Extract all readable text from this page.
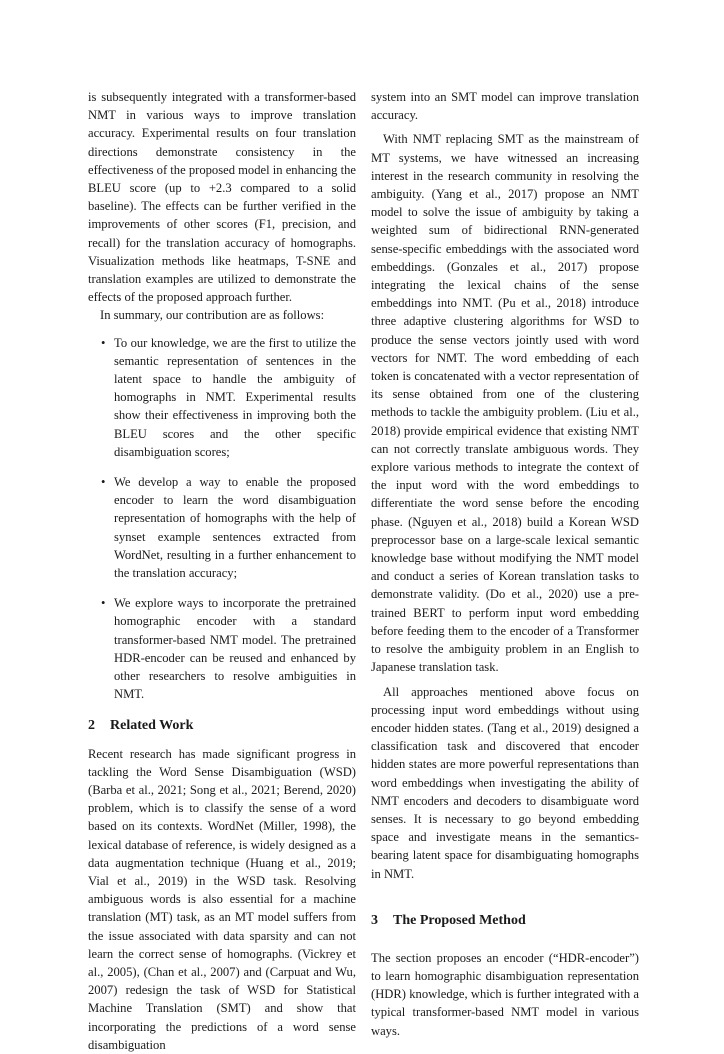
is subsequently integrated with a transformer-based NMT in various ways to improve translation accuracy. Experimental results on four translation directions demonstrate consistency in the effectiveness of the proposed model in enhancing the BLEU score (up to +2.3 compared to a solid baseline). The effects can be further verified in the improvements of other scores (F1, precision, and recall) for the translation accuracy of homographs. Visualization methods like heatmaps, T-SNE and translation examples are utilized to demonstrate the effects of the proposed approach further.

In summary, our contribution are as follows:

• To our knowledge, we are the first to utilize the semantic representation of sentences in the latent space to handle the ambiguity of homographs in NMT. Experimental results show their effectiveness in improving both the BLEU scores and the other specific disambiguation scores;
• We develop a way to enable the proposed encoder to learn the word disambiguation representation of homographs with the help of synset example sentences extracted from WordNet, resulting in a further enhancement to the translation accuracy;
• We explore ways to incorporate the pretrained homographic encoder with a standard transformer-based NMT model. The pretrained HDR-encoder can be reused and enhanced by other researchers to resolve ambiguities in NMT.
2 Related Work

Recent research has made significant progress in tackling the Word Sense Disambiguation (WSD) (Barba et al., 2021; Song et al., 2021; Berend, 2020) problem, which is to classify the sense of a word based on its contexts. WordNet (Miller, 1998), the lexical database of reference, is widely designed as a data augmentation technique (Huang et al., 2019; Vial et al., 2019) in the WSD task. Resolving ambiguous words is also essential for a machine translation (MT) task, as an MT model suffers from the issue associated with data sparsity and can not learn the correct sense of homographs. (Vickrey et al., 2005), (Chan et al., 2007) and (Carpuat and Wu, 2007) redesign the task of WSD for Statistical Machine Translation (SMT) and show that incorporating the predictions of a word sense disambiguation

system into an SMT model can improve translation accuracy.

With NMT replacing SMT as the mainstream of MT systems, we have witnessed an increasing interest in the research community in resolving the ambiguity. (Yang et al., 2017) propose an NMT model to solve the issue of ambiguity by taking a weighted sum of bidirectional RNN-generated sense-specific embeddings with the associated word embeddings. (Gonzales et al., 2017) propose integrating the lexical chains of the sense embeddings into NMT. (Pu et al., 2018) introduce three adaptive clustering algorithms for WSD to produce the sense vectors jointly used with word vectors for NMT. The word embedding of each token is concatenated with a vector representation of its sense obtained from one of the clustering methods to tackle the ambiguity problem. (Liu et al., 2018) provide empirical evidence that existing NMT can not correctly translate ambiguous words. They explore various methods to integrate the context of the input word with the word embeddings to differentiate the word sense before the encoding phase. (Nguyen et al., 2018) build a Korean WSD preprocessor base on a large-scale lexical semantic knowledge base without modifying the NMT model and conduct a series of Korean translation tasks to demonstrate validity. (Do et al., 2020) use a pre-trained BERT to perform input word embedding before feeding them to the encoder of a Transformer to resolve the ambiguity problem in an English to Japanese translation task.

All approaches mentioned above focus on processing input word embeddings without using encoder hidden states. (Tang et al., 2019) designed a classification task and discovered that encoder hidden states are more powerful representations than word embeddings when investigating the ability of NMT encoders and decoders to disambiguate word senses. It is necessary to go beyond embedding space and investigate means in the semantics-bearing latent space for disambiguating homographs in NMT.

3 The Proposed Method

The section proposes an encoder (“HDR-encoder”) to learn homographic disambiguation representation (HDR) knowledge, which is further integrated with a typical transformer-based NMT model in various ways.
